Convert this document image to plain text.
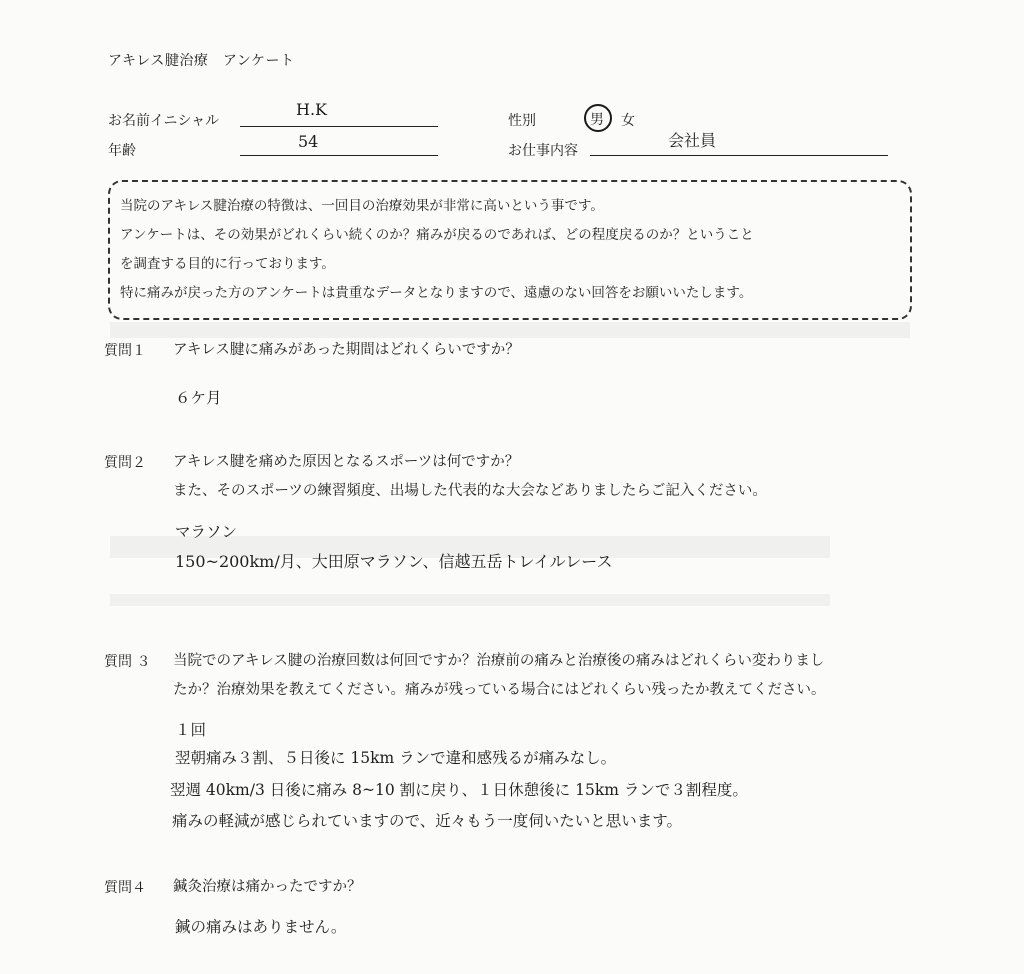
アキレス腱治療　アンケート
お名前イニシャル
H.K
年齢	54
性別	男 女
お仕事内容
会社員
当院のアキレス腱治療の特徴は、一回目の治療効果が非常に高いという事です。
アンケートは、その効果がどれくらい続くのか？痛みが戻るのであれば、どの程度戻るのか？ということ
を調査する目的に行っております。
特に痛みが戻った方のアンケートは貴重なデータとなりますので、遠慮のない回答をお願いいたします。
質問１ アキレス腱に痛みがあった期間はどれくらいですか？
６ケ月
質問２ アキレス腱を痛めた原因となるスポーツは何ですか？
また、そのスポーツの練習頻度、出場した代表的な大会などありましたらご記入ください。
マラソン
150~200km/月、大田原マラソン、信越五岳トレイルレース
質問 ３ 当院でのアキレス腱の治療回数は何回ですか？治療前の痛みと治療後の痛みはどれくらい変わりまし
たか？治療効果を教えてください。痛みが残っている場合にはどれくらい残ったか教えてください。
１回
翌朝痛み３割、５日後に 15km ランで違和感残るが痛みなし。
翌週 40km/3 日後に痛み 8~10 割に戻り、１日休憩後に 15km ランで３割程度。
痛みの軽減が感じられていますので、近々もう一度伺いたいと思います。
質問４ 鍼灸治療は痛かったですか？
鍼の痛みはありません。
